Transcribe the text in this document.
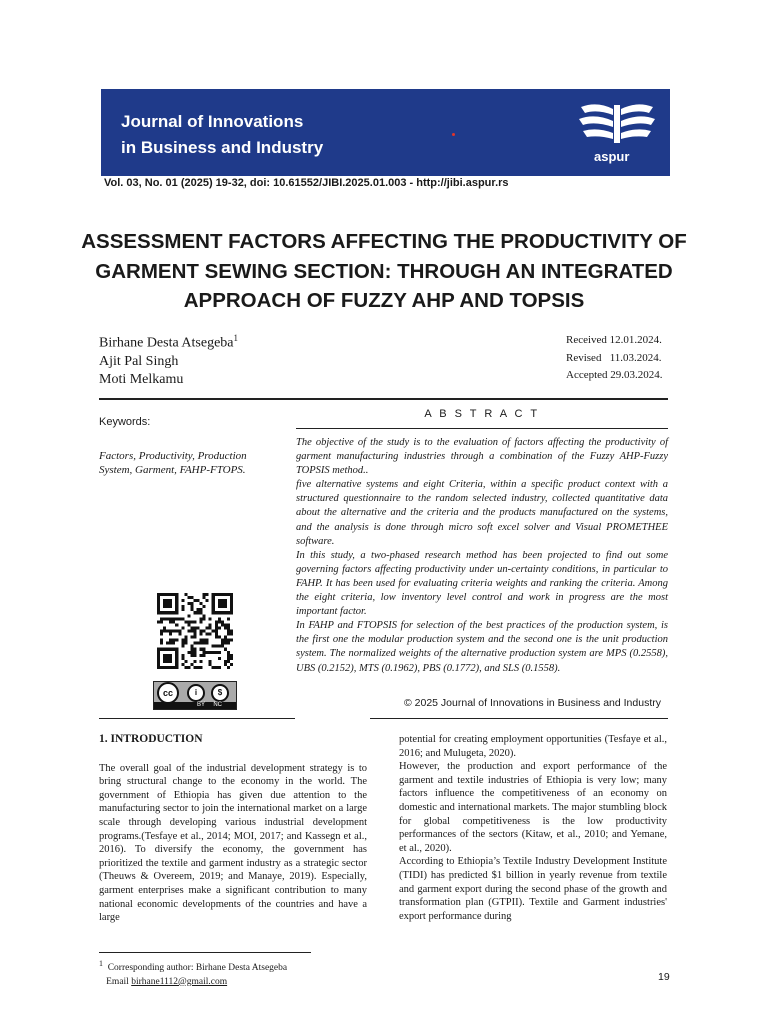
Journal of Innovations
in Business and Industry	aspur
Vol. 03, No. 01 (2025) 19-32, doi: 10.61552/JIBI.2025.01.003 - http://jibi.aspur.rs
ASSESSMENT FACTORS AFFECTING THE PRODUCTIVITY OF
GARMENT SEWING SECTION: THROUGH AN INTEGRATED
APPROACH OF FUZZY AHP AND TOPSIS
Birhane Desta Atsegeba$^1$
Ajit Pal Singh
Moti Melkamu
Received 12.01.2024.
Revised   11.03.2024.
Accepted 29.03.2024.
Keywords:
Factors, Productivity, Production System, Garment, FAHP-FTOPS.
A B S T R A C T

The objective of the study is to the evaluation of factors affecting the productivity of garment manufacturing industries through a combination of the Fuzzy AHP-Fuzzy TOPSIS method..

five alternative systems and eight Criteria, within a specific product context with a structured questionnaire to the random selected industry, collected quantitative data about the alternative and the criteria and the products manufactured on the systems, and the analysis is done through micro soft excel solver and Visual PROMETHEE software.

In this study, a two-phased research method has been projected to find out some governing factors affecting productivity under un-certainty conditions, in particular to FAHP. It has been used for evaluating criteria weights and ranking the criteria. Among the eight criteria, low inventory level control and work in progress are the most important factor.

In FAHP and FTOPSIS for selection of the best practices of the production system, is the first one the modular production system and the second one is the unit production system. The normalized weights of the alternative production system are MPS (0.2558), UBS (0.2152), MTS (0.1962), PBS (0.1772), and SLS (0.1558).

cc	i	$
BY NC	© 2025 Journal of Innovations in Business and Industry

1. INTRODUCTION

The overall goal of the industrial development strategy is to bring structural change to the economy in the world. The government of Ethiopia has given due attention to the manufacturing sector to join the international market on a large scale through developing various industrial development programs.(Tesfaye et al., 2014; MOI, 2017; and Kassegn et al., 2016). To diversify the economy, the government has prioritized the textile and garment industry as a strategic sector (Theuws & Overeem, 2019; and Manaye, 2019). Especially, garment enterprises make a significant contribution to many national economic developments of the countries and have a large

potential for creating employment opportunities (Tesfaye et al., 2016; and Mulugeta, 2020).

However, the production and export performance of the garment and textile industries of Ethiopia is very low; many factors influence the competitiveness of an economy on domestic and international markets. The major stumbling block for global competitiveness is the low productivity performances of the sectors (Kitaw, et al., 2010; and Yemane, et al., 2020).

According to Ethiopia’s Textile Industry Development Institute (TIDI) has predicted $1 billion in yearly revenue from textile and garment export during the second phase of the growth and transformation plan (GTPII). Textile and Garment industries' export performance during

$^1$ Corresponding author: Birhane Desta Atsegeba
Email birhane1112@gmail.com	19
